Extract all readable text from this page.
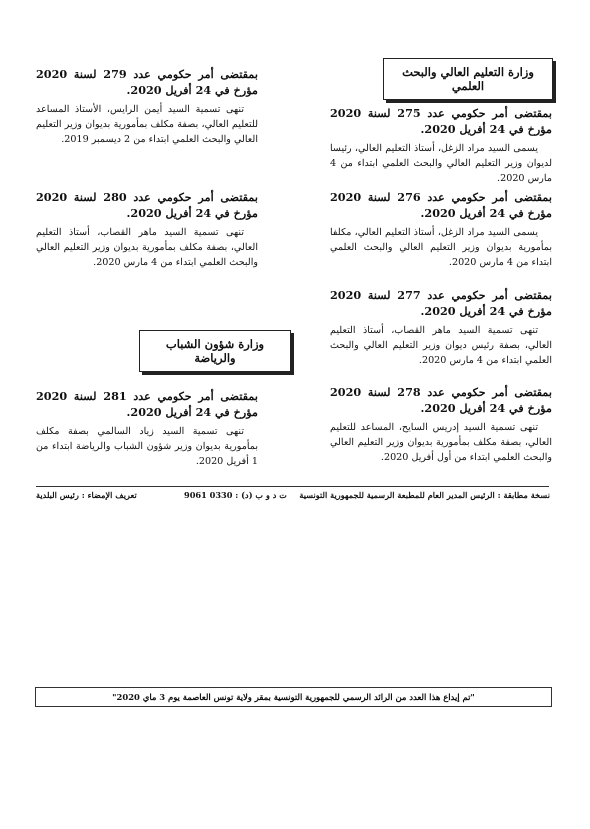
وزارة التعليم العالي والبحث العلمي
بمقتضى أمر حكومي عدد 275 لسنة 2020 مؤرخ في 24 أفريل 2020.
يسمى السيد مراد الزغل، أستاذ التعليم العالي، رئيسا لديوان وزير التعليم العالي والبحث العلمي ابتداء من 4 مارس 2020.
بمقتضى أمر حكومي عدد 276 لسنة 2020 مؤرخ في 24 أفريل 2020.
يسمى السيد مراد الزغل، أستاذ التعليم العالي، مكلفا بمأمورية بديوان وزير التعليم العالي والبحث العلمي ابتداء من 4 مارس 2020.
بمقتضى أمر حكومي عدد 277 لسنة 2020 مؤرخ في 24 أفريل 2020.
تنهى تسمية السيد ماهر القصاب، أستاذ التعليم العالي، بصفة رئيس ديوان وزير التعليم العالي والبحث العلمي ابتداء من 4 مارس 2020.
بمقتضى أمر حكومي عدد 278 لسنة 2020 مؤرخ في 24 أفريل 2020.
تنهى تسمية السيد إدريس السايح، المساعد للتعليم العالي، بصفة مكلف بمأمورية بديوان وزير التعليم العالي والبحث العلمي ابتداء من أول أفريل 2020.
بمقتضى أمر حكومي عدد 279 لسنة 2020 مؤرخ في 24 أفريل 2020.
تنهى تسمية السيد أيمن الرايس، الأستاذ المساعد للتعليم العالي، بصفة مكلف بمأمورية بديوان وزير التعليم العالي والبحث العلمي ابتداء من 2 ديسمبر 2019.
بمقتضى أمر حكومي عدد 280 لسنة 2020 مؤرخ في 24 أفريل 2020.
تنهى تسمية السيد ماهر القصاب، أستاذ التعليم العالي، بصفة مكلف بمأمورية بديوان وزير التعليم العالي والبحث العلمي ابتداء من 4 مارس 2020.
وزارة شؤون الشباب والرياضة
بمقتضى أمر حكومي عدد 281 لسنة 2020 مؤرخ في 24 أفريل 2020.
تنهى تسمية السيد زياد السالمي بصفة مكلف بمأمورية بديوان وزير شؤون الشباب والرياضة ابتداء من 1 أفريل 2020.
نسخة مطابقة : الرئيس المدير العام للمطبعة الرسمية للجمهورية التونسية
ت د و ب (د) : 0330 9061
تعريف الإمضاء : رئيس البلدية
"تم إيداع هذا العدد من الرائد الرسمي للجمهورية التونسية بمقر ولاية تونس العاصمة يوم 3 ماي 2020"
